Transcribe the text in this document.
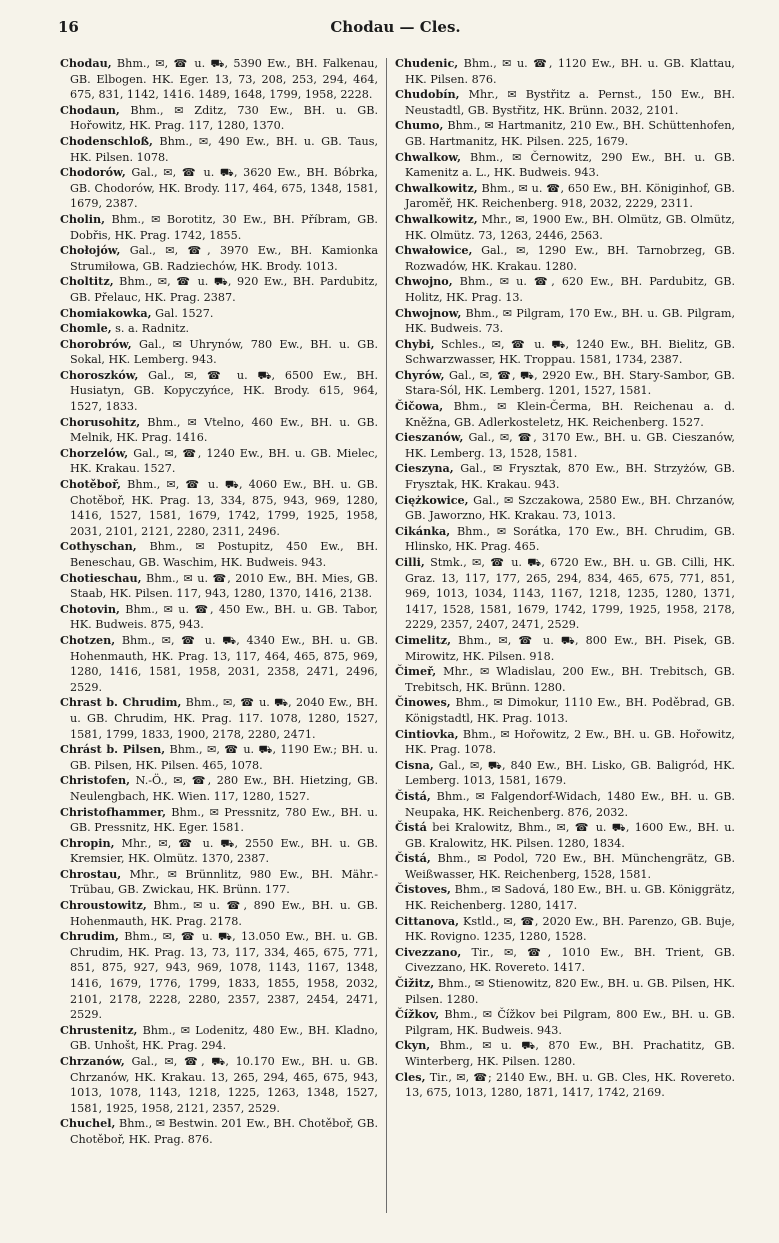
16	Chodau — Cles.

Chodau, Bhm., ✉, ☎ u. ⛟, 5390 Ew., BH. Falkenau, GB. Elbogen. HK. Eger. 13, 73, 208, 253, 294, 464, 675, 831, 1142, 1416. 1489, 1648, 1799, 1958, 2228.

Chodaun, Bhm., ✉ Zditz, 730 Ew., BH. u. GB. Hořowitz, HK. Prag. 117, 1280, 1370.

Chodenschloß, Bhm., ✉, 490 Ew., BH. u. GB. Taus, HK. Pilsen. 1078.

Chodorów, Gal., ✉, ☎ u. ⛟, 3620 Ew., BH. Bóbrka, GB. Chodorów, HK. Brody. 117, 464, 675, 1348, 1581, 1679, 2387.

Cholin, Bhm., ✉ Borotitz, 30 Ew., BH. Příbram, GB. Dobřis, HK. Prag. 1742, 1855.

Chołojów, Gal., ✉, ☎, 3970 Ew., BH. Kamionka Strumiłowa, GB. Radziechów, HK. Brody. 1013.

Choltitz, Bhm., ✉, ☎ u. ⛟, 920 Ew., BH. Pardubitz, GB. Přelauc, HK. Prag. 2387.

Chomiakowka, Gal. 1527.

Chomle, s. a. Radnitz.

Chorobrów, Gal., ✉ Uhrynów, 780 Ew., BH. u. GB. Sokal, HK. Lemberg. 943.

Choroszków, Gal., ✉, ☎ u. ⛟, 6500 Ew., BH. Husiatyn, GB. Kopyczyńce, HK. Brody. 615, 964, 1527, 1833.

Chorusohitz, Bhm., ✉ Vtelno, 460 Ew., BH. u. GB. Melnik, HK. Prag. 1416.

Chorzelów, Gal., ✉, ☎, 1240 Ew., BH. u. GB. Mielec, HK. Krakau. 1527.

Chotěboř, Bhm., ✉, ☎ u. ⛟, 4060 Ew., BH. u. GB. Chotěboř, HK. Prag. 13, 334, 875, 943, 969, 1280, 1416, 1527, 1581, 1679, 1742, 1799, 1925, 1958, 2031, 2101, 2121, 2280, 2311, 2496.

Cothyschan, Bhm., ✉ Postupitz, 450 Ew., BH. Beneschau, GB. Waschim, HK. Budweis. 943.

Chotieschau, Bhm., ✉ u. ☎, 2010 Ew., BH. Mies, GB. Staab, HK. Pilsen. 117, 943, 1280, 1370, 1416, 2138.

Chotovin, Bhm., ✉ u. ☎, 450 Ew., BH. u. GB. Tabor, HK. Budweis. 875, 943.

Chotzen, Bhm., ✉, ☎ u. ⛟, 4340 Ew., BH. u. GB. Hohenmauth, HK. Prag. 13, 117, 464, 465, 875, 969, 1280, 1416, 1581, 1958, 2031, 2358, 2471, 2496, 2529.

Chrast b. Chrudim, Bhm., ✉, ☎ u. ⛟, 2040 Ew., BH. u. GB. Chrudim, HK. Prag. 117. 1078, 1280, 1527, 1581, 1799, 1833, 1900, 2178, 2280, 2471.

Chrást b. Pilsen, Bhm., ✉, ☎ u. ⛟, 1190 Ew.; BH. u. GB. Pilsen, HK. Pilsen. 465, 1078.

Christofen, N.-Ö., ✉, ☎, 280 Ew., BH. Hietzing, GB. Neulengbach, HK. Wien. 117, 1280, 1527.

Christofhammer, Bhm., ✉ Pressnitz, 780 Ew., BH. u. GB. Pressnitz, HK. Eger. 1581.

Chropin, Mhr., ✉, ☎ u. ⛟, 2550 Ew., BH. u. GB. Kremsier, HK. Olmütz. 1370, 2387.

Chrostau, Mhr., ✉ Brünnlitz, 980 Ew., BH. Mähr.-Trübau, GB. Zwickau, HK. Brünn. 177.

Chroustowitz, Bhm., ✉ u. ☎, 890 Ew., BH. u. GB. Hohenmauth, HK. Prag. 2178.

Chrudim, Bhm., ✉, ☎ u. ⛟, 13.050 Ew., BH. u. GB. Chrudim, HK. Prag. 13, 73, 117, 334, 465, 675, 771, 851, 875, 927, 943, 969, 1078, 1143, 1167, 1348, 1416, 1679, 1776, 1799, 1833, 1855, 1958, 2032, 2101, 2178, 2228, 2280, 2357, 2387, 2454, 2471, 2529.

Chrustenitz, Bhm., ✉ Lodenitz, 480 Ew., BH. Kladno, GB. Unhošt, HK. Prag. 294.

Chrzanów, Gal., ✉, ☎, ⛟, 10.170 Ew., BH. u. GB. Chrzanów, HK. Krakau. 13, 265, 294, 465, 675, 943, 1013, 1078, 1143, 1218, 1225, 1263, 1348, 1527, 1581, 1925, 1958, 2121, 2357, 2529.

Chuchel, Bhm., ✉ Bestwin. 201 Ew., BH. Chotěboř, GB. Chotěboř, HK. Prag. 876.

Chudenic, Bhm., ✉ u. ☎, 1120 Ew., BH. u. GB. Klattau, HK. Pilsen. 876.

Chudobín, Mhr., ✉ Bystřitz a. Pernst., 150 Ew., BH. Neustadtl, GB. Bystřitz, HK. Brünn. 2032, 2101.

Chumo, Bhm., ✉ Hartmanitz, 210 Ew., BH. Schüttenhofen, GB. Hartmanitz, HK. Pilsen. 225, 1679.

Chwalkow, Bhm., ✉ Černowitz, 290 Ew., BH. u. GB. Kamenitz a. L., HK. Budweis. 943.

Chwalkowitz, Bhm., ✉ u. ☎, 650 Ew., BH. Königinhof, GB. Jaroměř, HK. Reichenberg. 918, 2032, 2229, 2311.

Chwalkowitz, Mhr., ✉, 1900 Ew., BH. Olmütz, GB. Olmütz, HK. Olmütz. 73, 1263, 2446, 2563.

Chwałowice, Gal., ✉, 1290 Ew., BH. Tarnobrzeg, GB. Rozwadów, HK. Krakau. 1280.

Chwojno, Bhm., ✉ u. ☎, 620 Ew., BH. Pardubitz, GB. Holitz, HK. Prag. 13.

Chwojnow, Bhm., ✉ Pilgram, 170 Ew., BH. u. GB. Pilgram, HK. Budweis. 73.

Chybi, Schles., ✉, ☎ u. ⛟, 1240 Ew., BH. Bielitz, GB. Schwarzwasser, HK. Troppau. 1581, 1734, 2387.

Chyrów, Gal., ✉, ☎, ⛟, 2920 Ew., BH. Stary-Sambor, GB. Stara-Sól, HK. Lemberg. 1201, 1527, 1581.

Čičowa, Bhm., ✉ Klein-Čerma, BH. Reichenau a. d. Kněžna, GB. Adlerkosteletz, HK. Reichenberg. 1527.

Cieszanów, Gal., ✉, ☎, 3170 Ew., BH. u. GB. Cieszanów, HK. Lemberg. 13, 1528, 1581.

Cieszyna, Gal., ✉ Frysztak, 870 Ew., BH. Strzyżów, GB. Frysztak, HK. Krakau. 943.

Ciężkowice, Gal., ✉ Szczakowa, 2580 Ew., BH. Chrzanów, GB. Jaworzno, HK. Krakau. 73, 1013.

Cikánka, Bhm., ✉ Sorátka, 170 Ew., BH. Chrudim, GB. Hlinsko, HK. Prag. 465.

Cilli, Stmk., ✉, ☎ u. ⛟, 6720 Ew., BH. u. GB. Cilli, HK. Graz. 13, 117, 177, 265, 294, 834, 465, 675, 771, 851, 969, 1013, 1034, 1143, 1167, 1218, 1235, 1280, 1371, 1417, 1528, 1581, 1679, 1742, 1799, 1925, 1958, 2178, 2229, 2357, 2407, 2471, 2529.

Cimelitz, Bhm., ✉, ☎ u. ⛟, 800 Ew., BH. Pisek, GB. Mirowitz, HK. Pilsen. 918.

Čimeř, Mhr., ✉ Wladislau, 200 Ew., BH. Trebitsch, GB. Trebitsch, HK. Brünn. 1280.

Činowes, Bhm., ✉ Dimokur, 1110 Ew., BH. Poděbrad, GB. Königstadtl, HK. Prag. 1013.

Cintiovka, Bhm., ✉ Hořowitz, 2 Ew., BH. u. GB. Hořowitz, HK. Prag. 1078.

Cisna, Gal., ✉, ⛟, 840 Ew., BH. Lisko, GB. Baligród, HK. Lemberg. 1013, 1581, 1679.

Čistá, Bhm., ✉ Falgendorf-Widach, 1480 Ew., BH. u. GB. Neupaka, HK. Reichenberg. 876, 2032.

Čistá bei Kralowitz, Bhm., ✉, ☎ u. ⛟, 1600 Ew., BH. u. GB. Kralowitz, HK. Pilsen. 1280, 1834.

Čistá, Bhm., ✉ Podol, 720 Ew., BH. Münchengrätz, GB. Weißwasser, HK. Reichenberg, 1528, 1581.

Čistoves, Bhm., ✉ Sadová, 180 Ew., BH. u. GB. Königgrätz, HK. Reichenberg. 1280, 1417.

Cittanova, Kstld., ✉, ☎, 2020 Ew., BH. Parenzo, GB. Buje, HK. Rovigno. 1235, 1280, 1528.

Civezzano, Tir., ✉, ☎, 1010 Ew., BH. Trient, GB. Civezzano, HK. Rovereto. 1417.

Čižitz, Bhm., ✉ Stienowitz, 820 Ew., BH. u. GB. Pilsen, HK. Pilsen. 1280.

Čížkov, Bhm., ✉ Čížkov bei Pilgram, 800 Ew., BH. u. GB. Pilgram, HK. Budweis. 943.

Ckyn, Bhm., ✉ u. ⛟, 870 Ew., BH. Prachatitz, GB. Winterberg, HK. Pilsen. 1280.

Cles, Tir., ✉, ☎; 2140 Ew., BH. u. GB. Cles, HK. Rovereto. 13, 675, 1013, 1280, 1871, 1417, 1742, 2169.
